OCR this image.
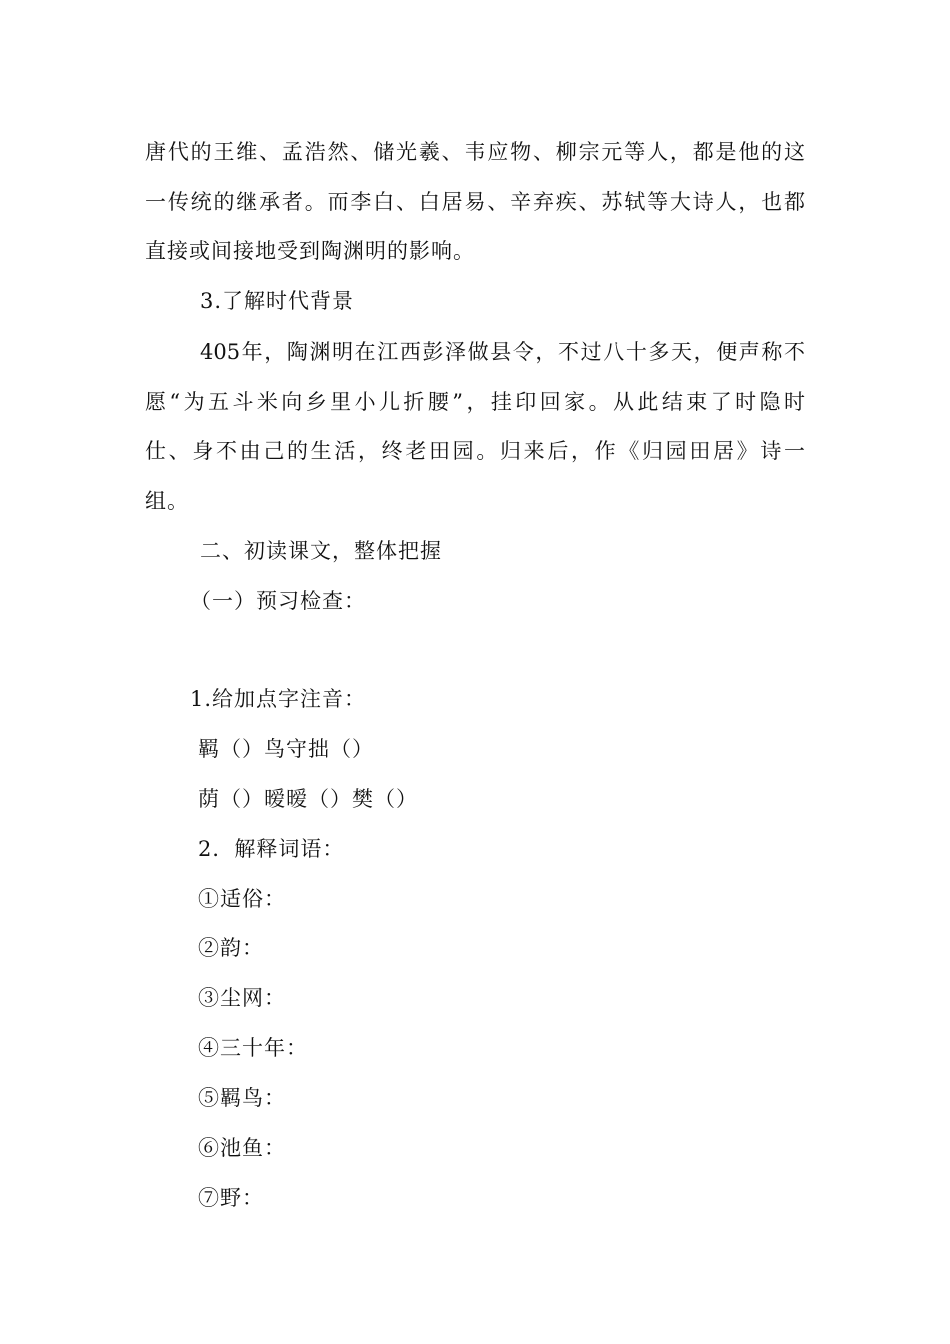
唐代的王维、孟浩然、储光羲、韦应物、柳宗元等人，都是他的这
一传统的继承者。而李白、白居易、辛弃疾、苏轼等大诗人，也都
直接或间接地受到陶渊明的影响。
3.了解时代背景
405年，陶渊明在江西彭泽做县令，不过八十多天，便声称不
愿“为五斗米向乡里小儿折腰”，挂印回家。从此结束了时隐时
仕、身不由己的生活，终老田园。归来后，作《归园田居》诗一
组。
二、初读课文，整体把握
（一）预习检查：
1.给加点字注音：
羁（）鸟守拙（）
荫（）暧暧（）樊（）
2．解释词语：
①适俗：
②韵：
③尘网：
④三十年：
⑤羁鸟：
⑥池鱼：
⑦野：
